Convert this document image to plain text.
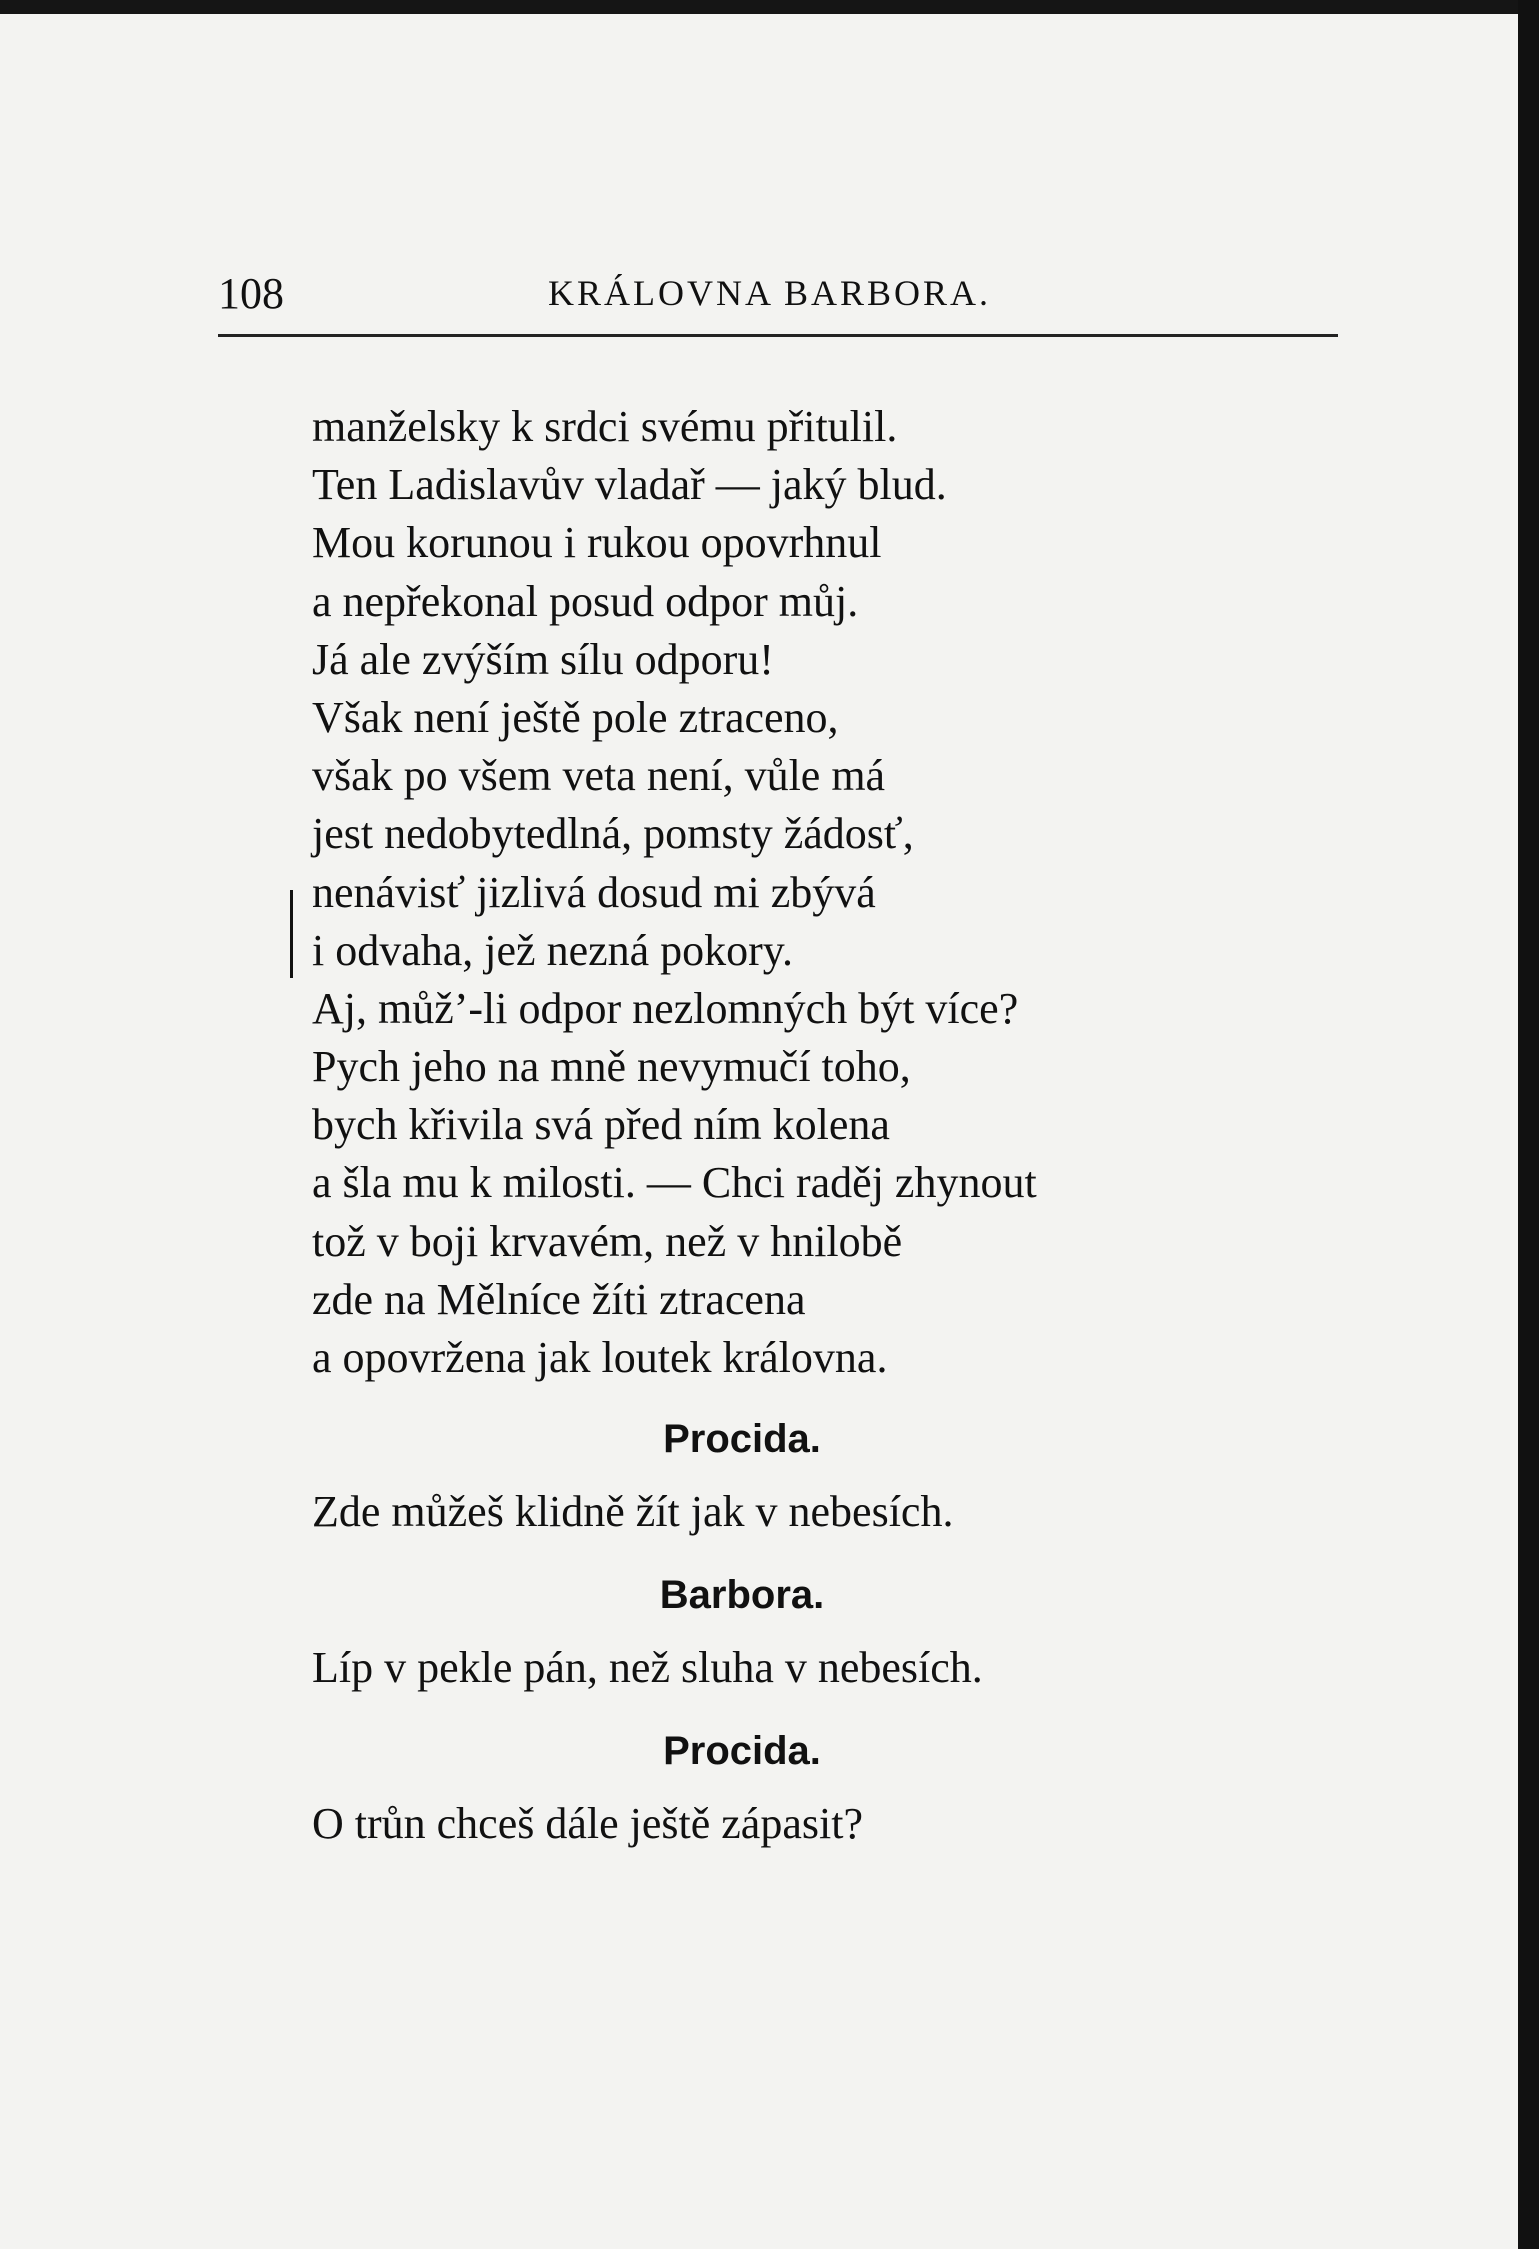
108	KRÁLOVNA BARBORA.
manželsky k srdci svému přitulil.
Ten Ladislavův vladař — jaký blud.
Mou korunou i rukou opovrhnul
a nepřekonal posud odpor můj.
Já ale zvýším sílu odporu!
Však není ještě pole ztraceno,
však po všem veta není, vůle má
jest nedobytedlná, pomsty žádosť,
nenávisť jizlivá dosud mi zbývá
i odvaha, jež nezná pokory.
Aj, můž’-li odpor nezlomných být více?
Pych jeho na mně nevymučí toho,
bych křivila svá před ním kolena
a šla mu k milosti. — Chci raděj zhynout
tož v boji krvavém, než v hnilobě
zde na Mělníce žíti ztracena
a opovržena jak loutek královna.
Procida.
Zde můžeš klidně žít jak v nebesích.
Barbora.
Líp v pekle pán, než sluha v nebesích.
Procida.
O trůn chceš dále ještě zápasit?
